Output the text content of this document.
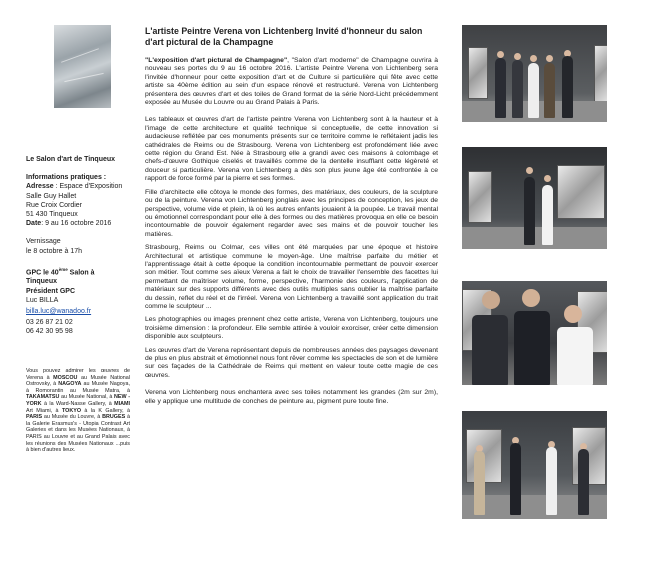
Le Salon d'art de Tinqueux

Informations pratiques :

Adresse : Espace d'Exposition Salle Guy Hallet

Rue Croix Cordier

51 430 Tinqueux

Date: 9 au 16 octobre 2016

Vernissage

le 8 octobre à 17h

GPC le 40ème Salon à Tinqueux

Président GPC

Luc BILLA

billa.luc@wanadoo.fr

03 26 87 21 02

06 42 30 95 98

Vous pouvez admirer les œuvres de Verena à MOSCOU au Musée National Ostrovsky, à NAGOYA au Musée Nagoya, à Romorantin au Musée Matra, à TAKAMATSU au Musée National, à NEW - YORK à la Ward-Nasse Gallery, à MIAMI Art Miami, à TOKYO à la K Gallery, à PARIS au Musée du Louvre, à BRUGES à la Galerie Erasmus's - Utopia Contrast Art Galeries et dans les Musées Nationaux, à PARIS au Louvre et au Grand Palais avec les réunions des Musées Nationaux ...puis à bien d'autres lieux.

L'artiste Peintre Verena von Lichtenberg Invité d'honneur du salon d'art pictural de la Champagne

"L'exposition d'art pictural de Champagne", "Salon d'art moderne" de Champagne ouvrira à nouveau ses portes du 9 au 16 octobre 2016. L'artiste Peintre Verena von Lichtenberg sera l'invitée d'honneur pour cette exposition d'art et de Culture si particulière qui fête avec cette artiste sa 40ème édition au sein d'un espace rénové et restructuré. Verena von Lichtenberg présentera des œuvres d'art et des toiles de Grand format de la série Nord-Licht précédemment exposée au Musée du Louvre ou au Grand Palais à Paris.

Les tableaux et œuvres d'art de l'artiste peintre Verena von Lichtenberg sont à la hauteur et à l'image de cette architecture et qualité technique si conceptuelle, de cette innovation si audacieuse reflétée par ces monuments présents sur ce territoire comme le reflétaient jadis les cathédrales de Reims ou de Strasbourg. Verena von Lichtenberg est profondément liée avec cette région du Grand Est. Née à Strasbourg elle a grandi avec ces maisons à colombage et chefs-d'œuvre Gothique ciselés et travaillés comme de la dentelle insufflant cette légèreté et douceur si particulière. Verena von Lichtenberg a dès son plus jeune âge été confrontée à ce rapport de force formé par la pierre et ses formes.

Fille d'architecte elle côtoya le monde des formes, des matériaux, des couleurs, de la sculpture ou de la peinture. Verena von Lichtenberg jonglais avec les principes de conception, les jeux de perspective, volume vide et plein, là où les autres enfants jouaient à la poupée. Le travail mental ou émotionnel correspondant pour elle à des formes ou des matières provoqua en elle ce besoin incontournable de pouvoir également regarder avec ses mains et de pouvoir toucher les matières.

Strasbourg, Reims ou Colmar, ces villes ont été marquées par une époque et histoire Architectural et artistique commune le moyen-âge. Une maîtrise parfaite du métier et l'apprentissage était à cette époque la condition incontournable permettant de pouvoir exercer son métier. Tout comme ses aïeux Verena a fait le choix de travailler l'ensemble des facettes lui permettant de maîtriser volume, forme, perspective, l'harmonie des couleurs, l'application de matériaux sur des supports différents avec des outils multiples sans oublier la maîtrise parfaite du dessin, reflet du réel et de l'irréel. Verena von Lichtenberg a travaillé sont application du trait comme le sculpteur ...

Les photographies ou images prennent chez cette artiste, Verena von Lichtenberg, toujours une troisième dimension : la profondeur. Elle semble attirée à vouloir exorciser, créer cette dimension disponible aux sculpteurs.

Les œuvres d'art de Verena représentant depuis de nombreuses années des paysages devenant de plus en plus abstrait et émotionnel nous font rêver comme les spectacles de son et de lumière sur ces façades de la Cathédrale de Reims qui mettent en valeur toute cette magie de ces œuvres.

Verena von Lichtenberg nous enchantera avec ses toiles notamment les grandes (2m sur 2m), elle y applique une multitude de conches de peinture au, pigment pure toute fine.
